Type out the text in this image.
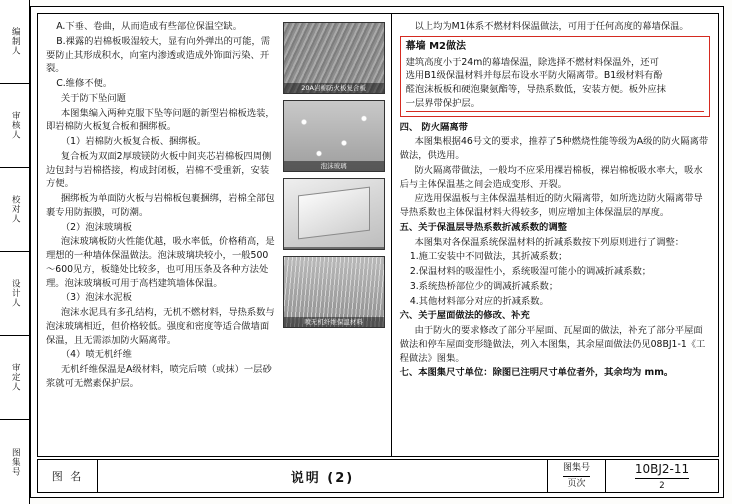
编制人
审核人
校对人
设计人
审定人
图集号

A.下垂、卷曲，从而造成有些部位保温空缺。

B.裸露的岩棉板吸湿较大，显有向外弹出的可能，需要防止其形成积水，向室内渗透或造成外饰面污染、开裂。

C.维修不便。

关于防下坠问题

本图集编入两种克服下坠等问题的新型岩棉板选装，即岩棉防火板复合板和捆绑板。

（1）岩棉防火板复合板、捆绑板。

复合板为双面2厚玻镁防火板中间夹芯岩棉板四周侧边包封与岩棉搭接，构成封闭板，岩棉不受重新，安装方便。

捆绑板为单面防火板与岩棉板包裹捆绑，岩棉全部包裹专用防振膜，可防潮。

（2）泡沫玻璃板

泡沫玻璃板防火性能优越，吸水率低，价格稍高，是理想的一种墙体保温做法。泡沫玻璃块较小，一般500～600见方，板缝处比较多，也可用压条及各种方法处理。泡沫玻璃板可用于高档建筑墙体保温。

（3）泡沫水泥板

泡沫水泥具有多孔结构，无机不燃材料，导热系数与泡沫玻璃相近，但价格较低。强度和密度等适合做墙面保温，且无需添加防火隔离带。

（4）喷无机纤维

无机纤维保温是A级材料，喷完后喷（或抹）一层砂浆就可无燃素保护层。

20A岩棉防火板复合板
泡沫玻璃
喷无机纤维保温材料

以上均为M1体系不燃材料保温做法，可用于任何高度的幕墙保温。

幕墙 M2做法
建筑高度小于24m的幕墙保温，除选择不燃材料保温外，还可
选用B1级保温材料并每层布设水平防火隔离带。B1级材料有酚
醛泡沫板板和硬泡聚氨酯等，导热系数低，安装方便。板外应抹
一层界带保护层。

四、 防火隔离带

本图集根据46号文的要求，推荐了5种燃烧性能等级为A级的防火隔离带做法，供选用。

防火隔离带做法，一般均不应采用裸岩棉板，裸岩棉板吸水率大，吸水后与主体保温基之间会造成变形、开裂。

应选用保温板与主体保温基相近的防火隔离带，如所选边防火隔离带导导热系数也主体保温材料大得较多，则应增加主体保温层的厚度。

五、关于保温层导热系数折减系数的调整

本图集对各保温系统保温材料的折减系数按下列原则进行了调整：

1.施工安装中不同做法，其折减系数；

2.保温材料的吸湿性小，系统吸湿可能小的调减折减系数；

3.系统热桥部位少的调减折减系数；

4.其他材料部分对应的折减系数。

六、关于屋面做法的修改、补充

由于防火的要求修改了部分平屋面、瓦屋面的做法，补充了部分平屋面做法和停车屋面变形缝做法，列入本图集，其余屋面做法仍见08BJ1-1《工程做法》图集。

七、本图集尺寸单位：除图已注明尺寸单位者外，其余均为 mm。

图 名	说明 (2)
图集号
页次
10BJ2-11
2
